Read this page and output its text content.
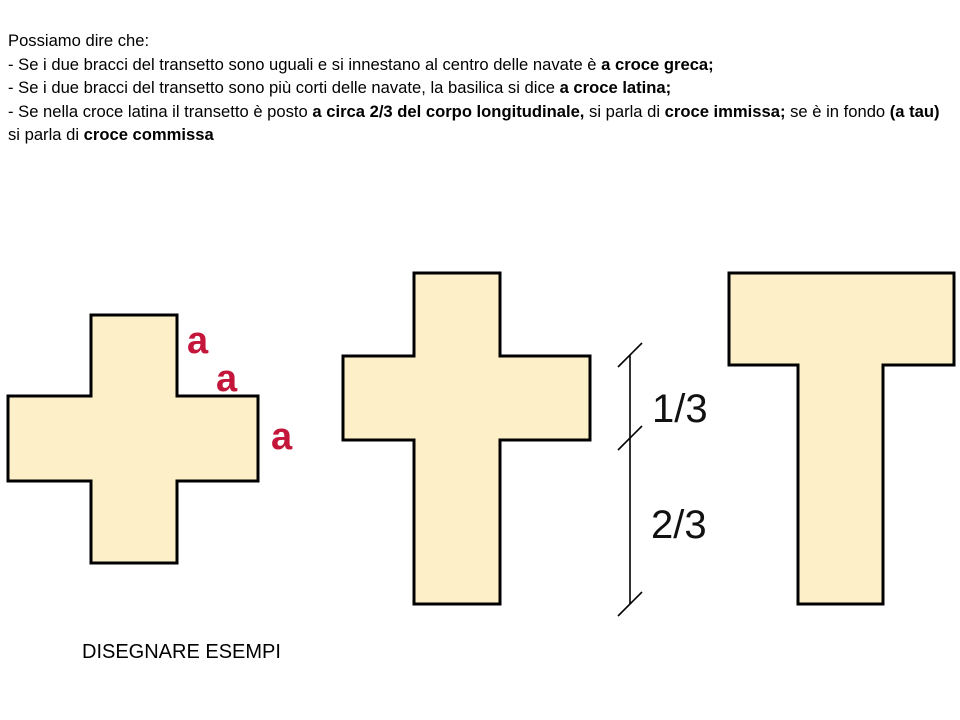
Possiamo dire che:

- Se i due bracci del transetto sono uguali e si innestano al centro delle navate è a croce greca;

- Se i due bracci del transetto sono più corti delle navate, la basilica si dice a croce latina;

- Se nella croce latina il transetto è posto a circa 2/3 del corpo longitudinale, si parla di croce immissa; se è in fondo (a tau) si parla di croce commissa

a
a
a
1/3
2/3
DISEGNARE ESEMPI
